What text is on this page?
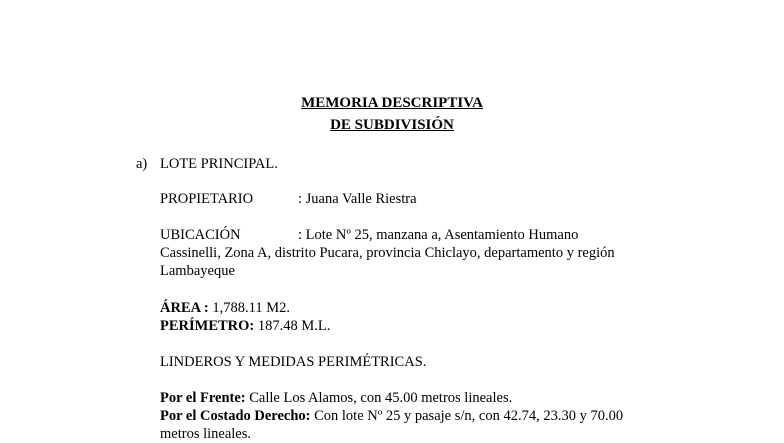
MEMORIA DESCRIPTIVA
DE SUBDIVISIÓN
a) LOTE PRINCIPAL.
PROPIETARIO	: Juana Valle Riestra
UBICACIÓN	: Lote Nº 25, manzana a, Asentamiento Humano
Cassinelli, Zona A, distrito Pucara, provincia Chiclayo, departamento y región
Lambayeque
ÁREA : 1,788.11 M2.
PERÍMETRO: 187.48 M.L.
LINDEROS Y MEDIDAS PERIMÉTRICAS.
Por el Frente: Calle Los Alamos, con 45.00 metros lineales.
Por el Costado Derecho: Con lote Nº 25 y pasaje s/n, con 42.74, 23.30 y 70.00
metros lineales.
